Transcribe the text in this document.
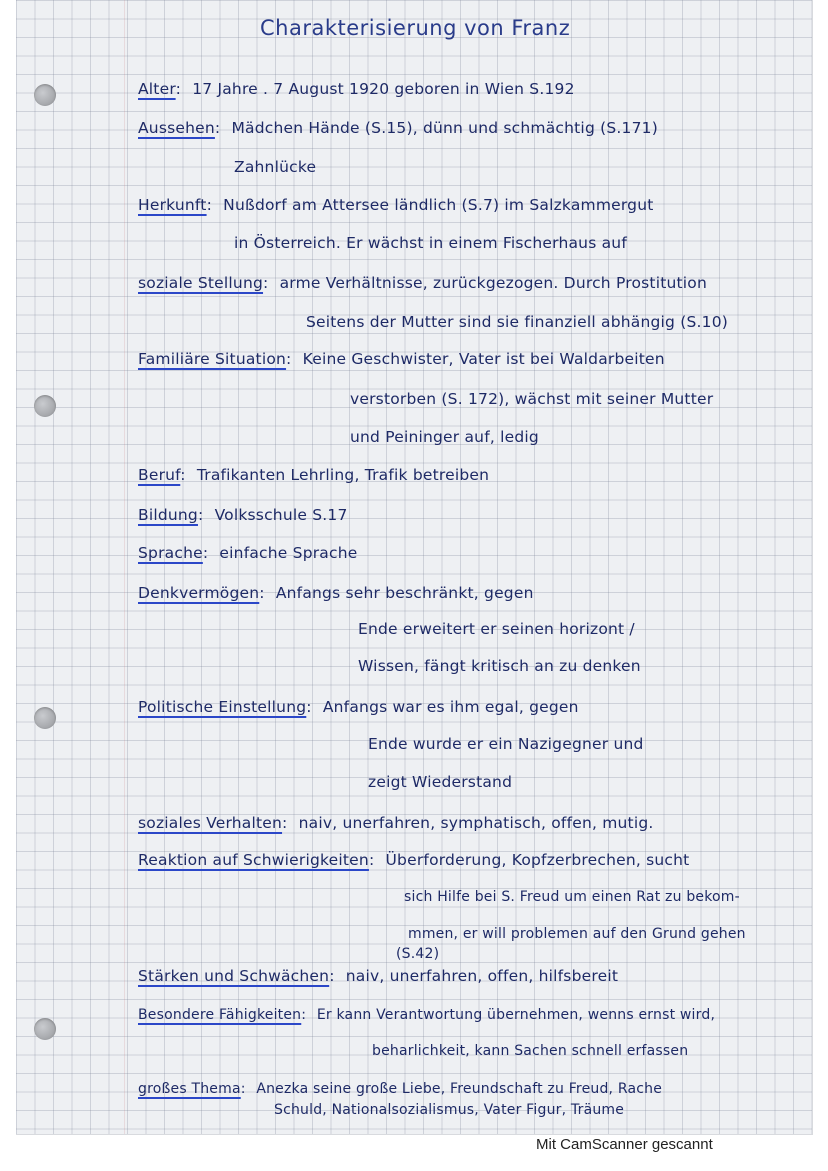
Charakterisierung von Franz
Alter: 17 Jahre . 7 August 1920 geboren in Wien S.192
Aussehen: Mädchen Hände (S.15), dünn und schmächtig (S.171)
Zahnlücke
Herkunft: Nußdorf am Attersee ländlich (S.7) im Salzkammergut
in Österreich. Er wächst in einem Fischerhaus auf
soziale Stellung: arme Verhältnisse, zurückgezogen. Durch Prostitution
Seitens der Mutter sind sie finanziell abhängig (S.10)
Familiäre Situation: Keine Geschwister, Vater ist bei Waldarbeiten
verstorben (S. 172), wächst mit seiner Mutter
und Peininger auf, ledig
Beruf: Trafikanten Lehrling, Trafik betreiben
Bildung: Volksschule S.17
Sprache: einfache Sprache
Denkvermögen: Anfangs sehr beschränkt, gegen
Ende erweitert er seinen horizont /
Wissen, fängt kritisch an zu denken
Politische Einstellung: Anfangs war es ihm egal, gegen
Ende wurde er ein Nazigegner und
zeigt Wiederstand
soziales Verhalten: naiv, unerfahren, symphatisch, offen, mutig.
Reaktion auf Schwierigkeiten: Überforderung, Kopfzerbrechen, sucht
sich Hilfe bei S. Freud um einen Rat zu bekom-
mmen, er will problemen auf den Grund gehen
(S.42)
Stärken und Schwächen: naiv, unerfahren, offen, hilfsbereit
Besondere Fähigkeiten: Er kann Verantwortung übernehmen, wenns ernst wird,
beharlichkeit, kann Sachen schnell erfassen
großes Thema: Anezka seine große Liebe, Freundschaft zu Freud, Rache
Schuld, Nationalsozialismus, Vater Figur, Träume
Mit CamScanner gescannt
